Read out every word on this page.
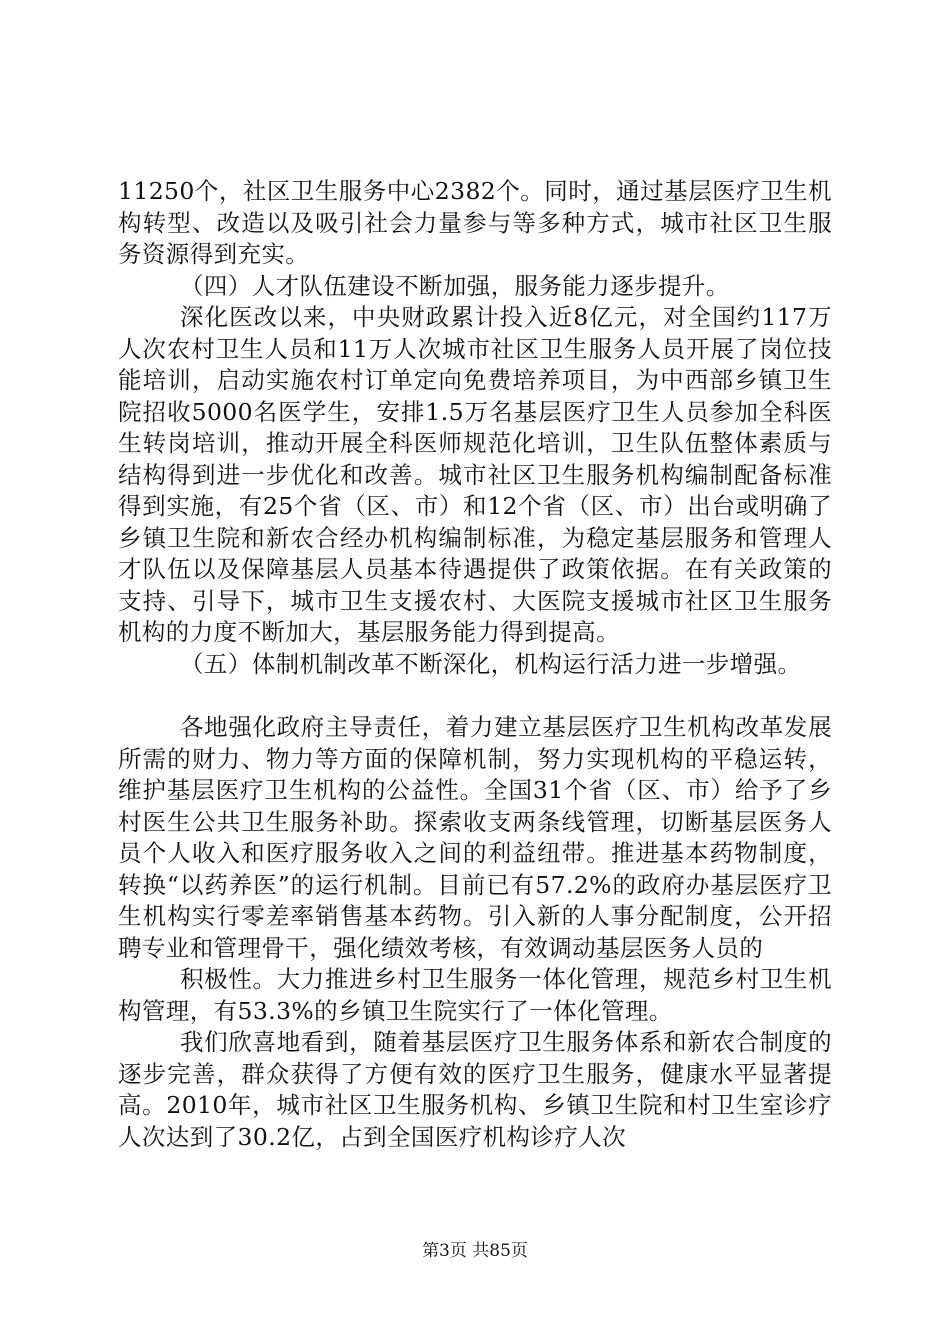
11250个，社区卫生服务中心2382个。同时，通过基层医疗卫生机构转型、改造以及吸引社会力量参与等多种方式，城市社区卫生服务资源得到充实。

（四）人才队伍建设不断加强，服务能力逐步提升。

深化医改以来，中央财政累计投入近8亿元，对全国约117万人次农村卫生人员和11万人次城市社区卫生服务人员开展了岗位技能培训，启动实施农村订单定向免费培养项目，为中西部乡镇卫生院招收5000名医学生，安排1.5万名基层医疗卫生人员参加全科医生转岗培训，推动开展全科医师规范化培训，卫生队伍整体素质与结构得到进一步优化和改善。城市社区卫生服务机构编制配备标准得到实施，有25个省（区、市）和12个省（区、市）出台或明确了乡镇卫生院和新农合经办机构编制标准，为稳定基层服务和管理人才队伍以及保障基层人员基本待遇提供了政策依据。在有关政策的支持、引导下，城市卫生支援农村、大医院支援城市社区卫生服务机构的力度不断加大，基层服务能力得到提高。

（五）体制机制改革不断深化，机构运行活力进一步增强。

各地强化政府主导责任，着力建立基层医疗卫生机构改革发展所需的财力、物力等方面的保障机制，努力实现机构的平稳运转，维护基层医疗卫生机构的公益性。全国31个省（区、市）给予了乡村医生公共卫生服务补助。探索收支两条线管理，切断基层医务人员个人收入和医疗服务收入之间的利益纽带。推进基本药物制度，转换“以药养医”的运行机制。目前已有57.2%的政府办基层医疗卫生机构实行零差率销售基本药物。引入新的人事分配制度，公开招聘专业和管理骨干，强化绩效考核，有效调动基层医务人员的

积极性。大力推进乡村卫生服务一体化管理，规范乡村卫生机构管理，有53.3%的乡镇卫生院实行了一体化管理。

我们欣喜地看到，随着基层医疗卫生服务体系和新农合制度的逐步完善，群众获得了方便有效的医疗卫生服务，健康水平显著提高。2010年，城市社区卫生服务机构、乡镇卫生院和村卫生室诊疗人次达到了30.2亿，占到全国医疗机构诊疗人次

第3页 共85页
